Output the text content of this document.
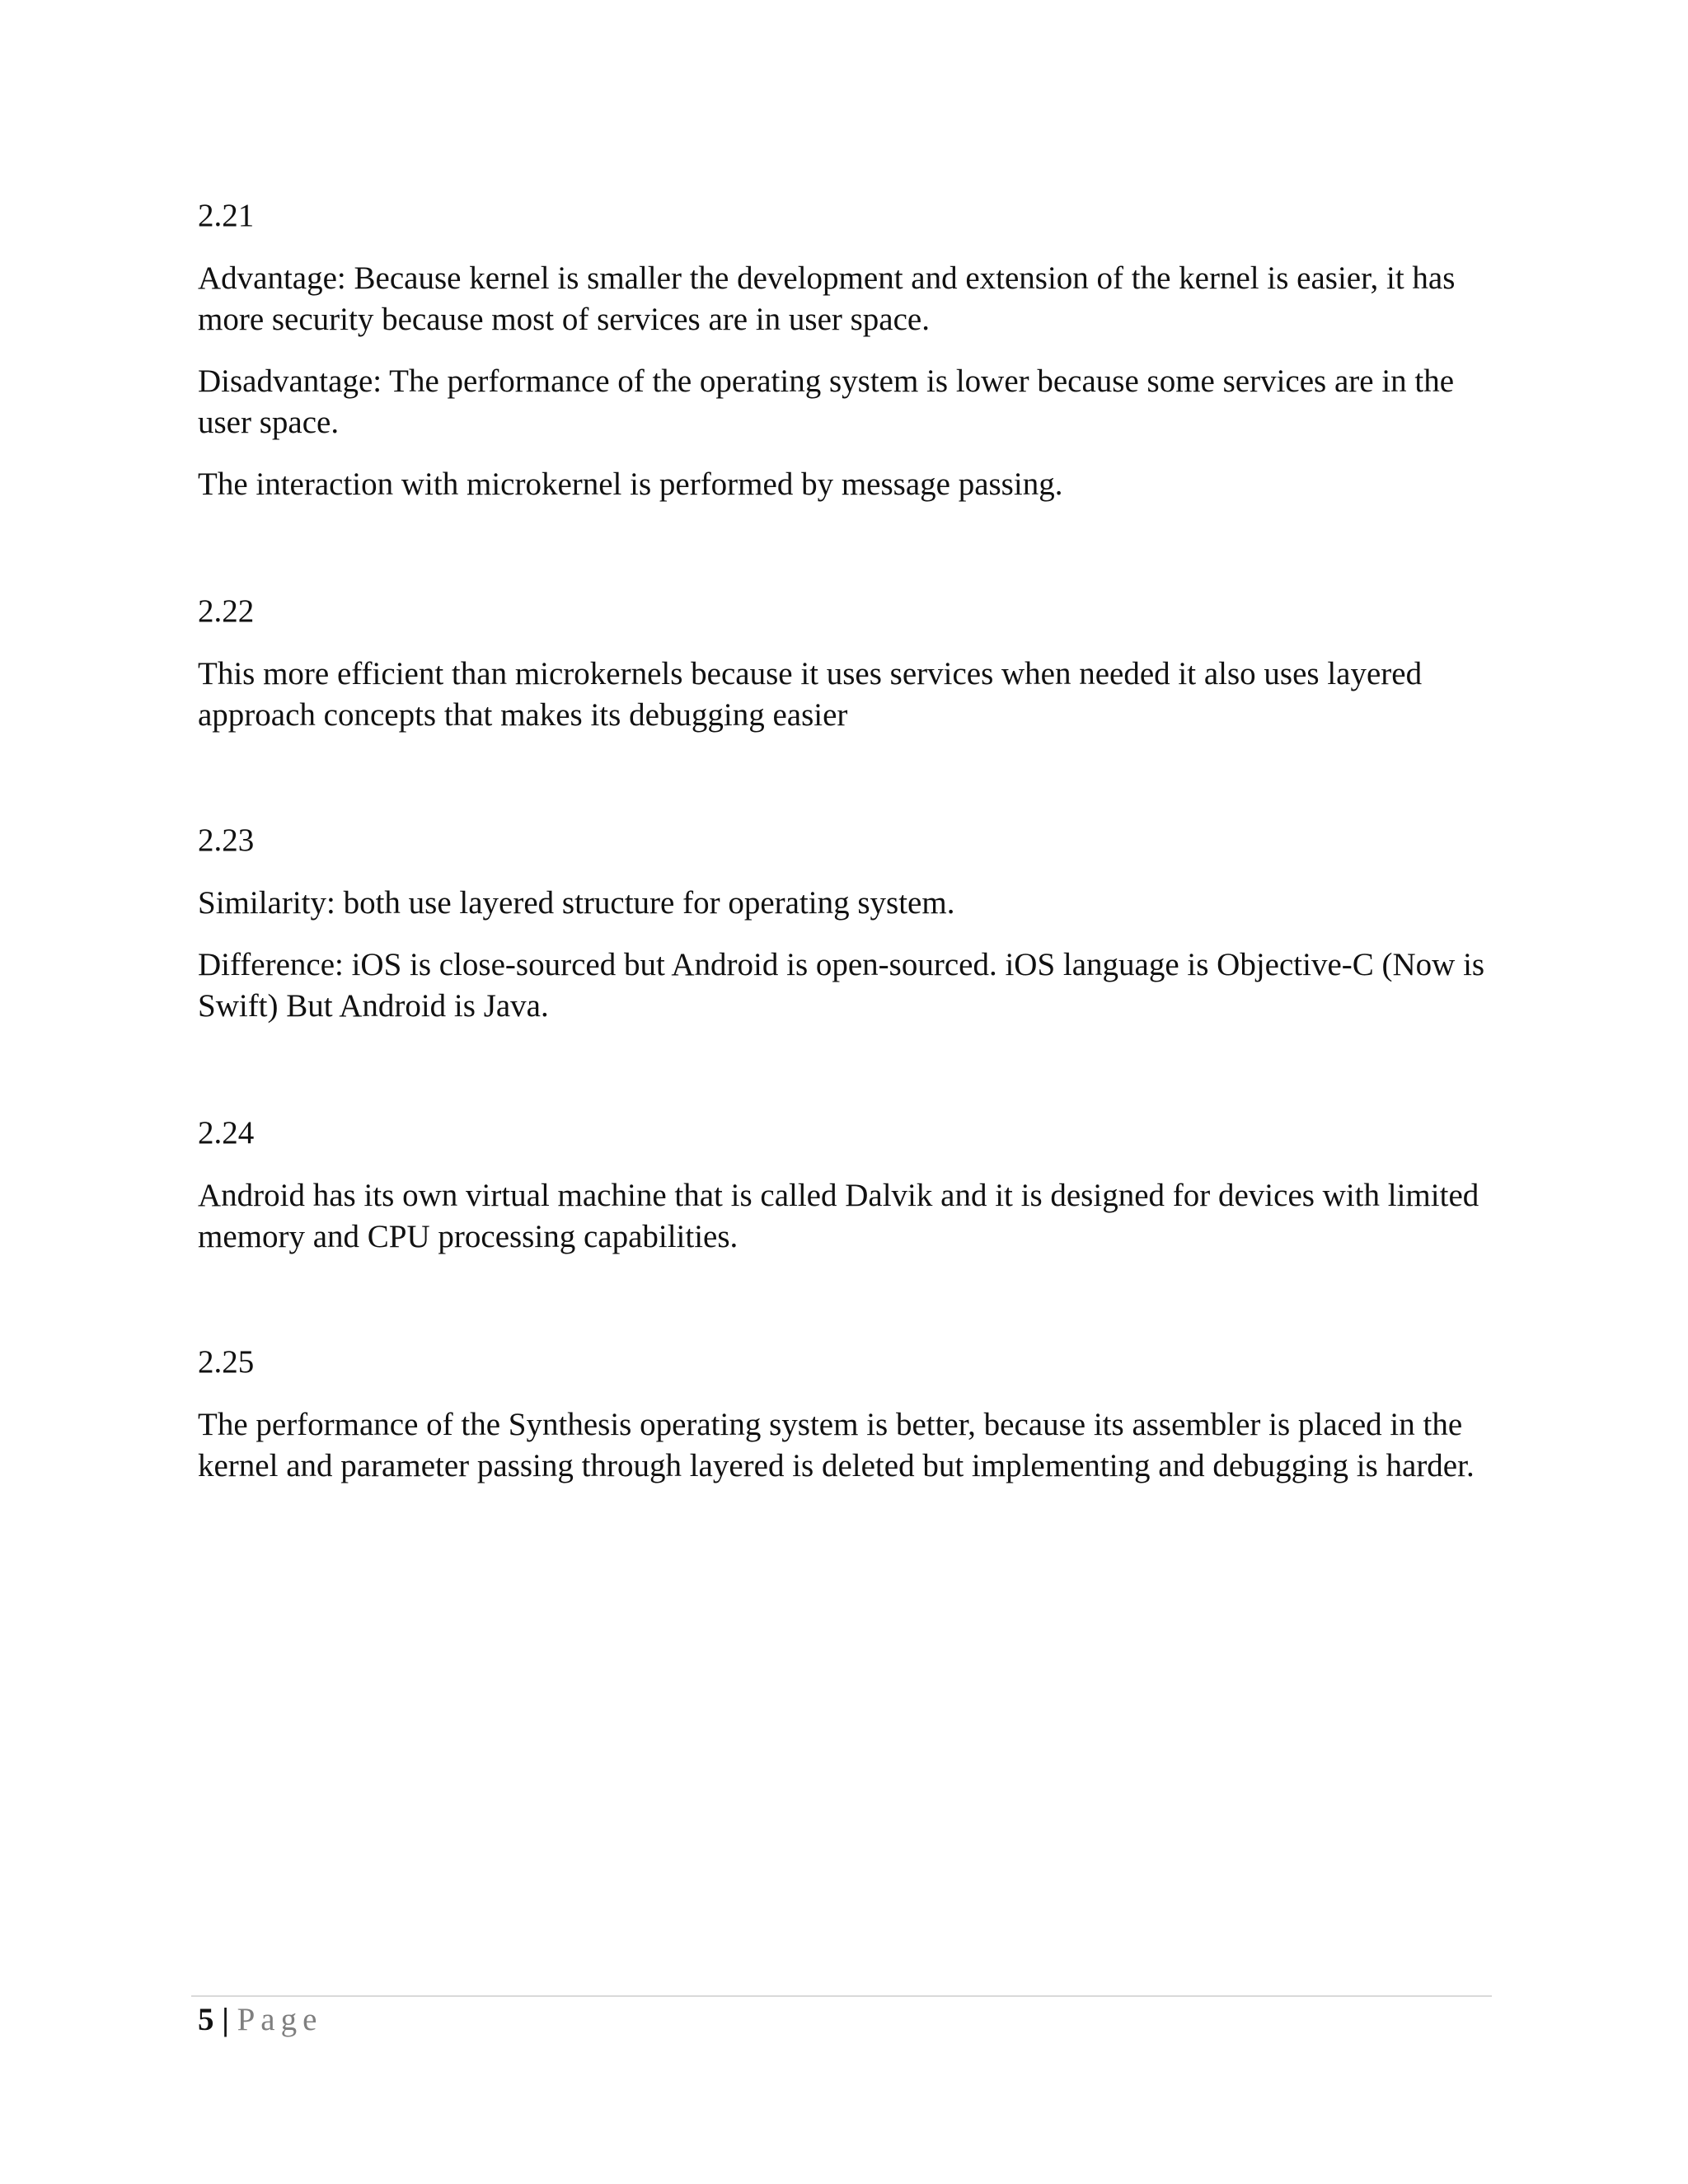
2.21

Advantage: Because kernel is smaller the development and extension of the kernel is easier, it has more security because most of services are in user space.

Disadvantage: The performance of the operating system is lower because some services are in the user space.

The interaction with microkernel is performed by message passing.

2.22

This more efficient than microkernels because it uses services when needed it also uses layered approach concepts that makes its debugging easier

2.23

Similarity: both use layered structure for operating system.

Difference: iOS is close-sourced but Android is open-sourced. iOS language is Objective-C (Now is Swift) But Android is Java.

2.24

Android has its own virtual machine that is called Dalvik and it is designed for devices with limited memory and CPU processing capabilities.

2.25

The performance of the Synthesis operating system is better, because its assembler is placed in the kernel and parameter passing through layered is deleted but implementing and debugging is harder.

5 | Page
